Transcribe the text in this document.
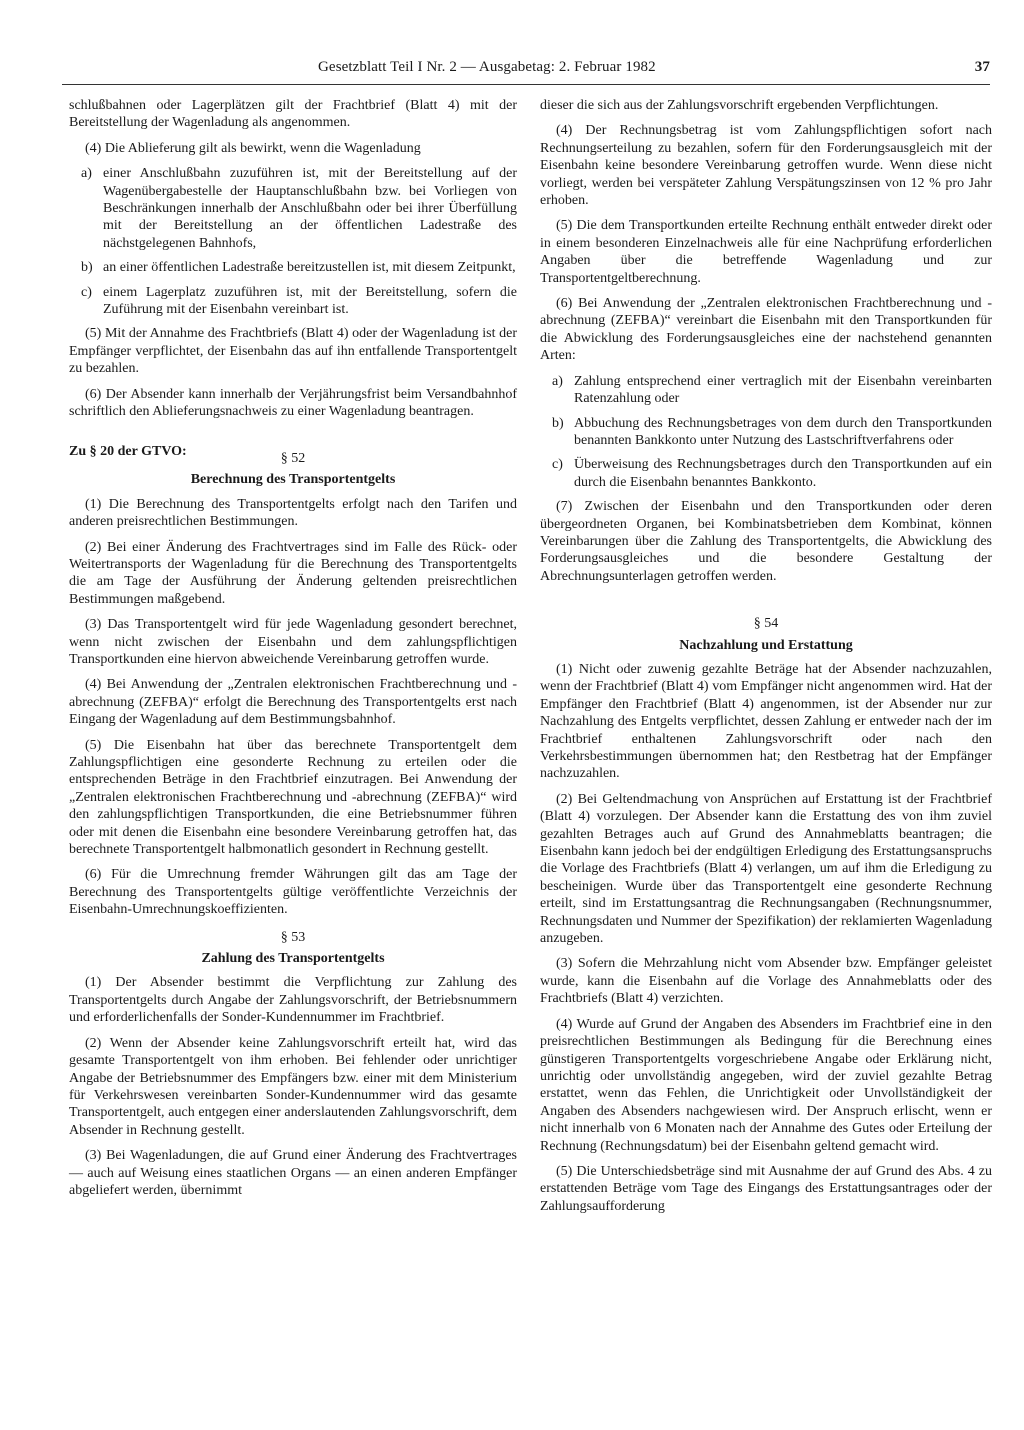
Gesetzblatt Teil I Nr. 2 — Ausgabetag: 2. Februar 1982	37

schlußbahnen oder Lagerplätzen gilt der Frachtbrief (Blatt 4) mit der Bereitstellung der Wagenladung als angenommen.

(4) Die Ablieferung gilt als bewirkt, wenn die Wagenladung

a) einer Anschlußbahn zuzuführen ist, mit der Bereitstellung auf der Wagenübergabestelle der Hauptanschlußbahn bzw. bei Vorliegen von Beschränkungen innerhalb der Anschlußbahn oder bei ihrer Überfüllung mit der Bereitstellung an der öffentlichen Ladestraße des nächstgelegenen Bahnhofs,
b) an einer öffentlichen Ladestraße bereitzustellen ist, mit diesem Zeitpunkt,
c) einem Lagerplatz zuzuführen ist, mit der Bereitstellung, sofern die Zuführung mit der Eisenbahn vereinbart ist.

(5) Mit der Annahme des Frachtbriefs (Blatt 4) oder der Wagenladung ist der Empfänger verpflichtet, der Eisenbahn das auf ihn entfallende Transportentgelt zu bezahlen.

(6) Der Absender kann innerhalb der Verjährungsfrist beim Versandbahnhof schriftlich den Ablieferungsnachweis zu einer Wagenladung beantragen.

Zu § 20 der GTVO:	§ 52
Berechnung des Transportentgelts

(1) Die Berechnung des Transportentgelts erfolgt nach den Tarifen und anderen preisrechtlichen Bestimmungen.

(2) Bei einer Änderung des Frachtvertrages sind im Falle des Rück- oder Weitertransports der Wagenladung für die Berechnung des Transportentgelts die am Tage der Ausführung der Änderung geltenden preisrechtlichen Bestimmungen maßgebend.

(3) Das Transportentgelt wird für jede Wagenladung gesondert berechnet, wenn nicht zwischen der Eisenbahn und dem zahlungspflichtigen Transportkunden eine hiervon abweichende Vereinbarung getroffen wurde.

(4) Bei Anwendung der „Zentralen elektronischen Frachtberechnung und -abrechnung (ZEFBA)“ erfolgt die Berechnung des Transportentgelts erst nach Eingang der Wagenladung auf dem Bestimmungsbahnhof.

(5) Die Eisenbahn hat über das berechnete Transportentgelt dem Zahlungspflichtigen eine gesonderte Rechnung zu erteilen oder die entsprechenden Beträge in den Frachtbrief einzutragen. Bei Anwendung der „Zentralen elektronischen Frachtberechnung und -abrechnung (ZEFBA)“ wird den zahlungspflichtigen Transportkunden, die eine Betriebsnummer führen oder mit denen die Eisenbahn eine besondere Vereinbarung getroffen hat, das berechnete Transportentgelt halbmonatlich gesondert in Rechnung gestellt.

(6) Für die Umrechnung fremder Währungen gilt das am Tage der Berechnung des Transportentgelts gültige veröffentlichte Verzeichnis der Eisenbahn-Umrechnungskoeffizienten.

§ 53
Zahlung des Transportentgelts

(1) Der Absender bestimmt die Verpflichtung zur Zahlung des Transportentgelts durch Angabe der Zahlungsvorschrift, der Betriebsnummern und erforderlichenfalls der Sonder-Kundennummer im Frachtbrief.

(2) Wenn der Absender keine Zahlungsvorschrift erteilt hat, wird das gesamte Transportentgelt von ihm erhoben. Bei fehlender oder unrichtiger Angabe der Betriebsnummer des Empfängers bzw. einer mit dem Ministerium für Verkehrswesen vereinbarten Sonder-Kundennummer wird das gesamte Transportentgelt, auch entgegen einer anderslautenden Zahlungsvorschrift, dem Absender in Rechnung gestellt.

(3) Bei Wagenladungen, die auf Grund einer Änderung des Frachtvertrages — auch auf Weisung eines staatlichen Organs — an einen anderen Empfänger abgeliefert werden, übernimmt

dieser die sich aus der Zahlungsvorschrift ergebenden Verpflichtungen.

(4) Der Rechnungsbetrag ist vom Zahlungspflichtigen sofort nach Rechnungserteilung zu bezahlen, sofern für den Forderungsausgleich mit der Eisenbahn keine besondere Vereinbarung getroffen wurde. Wenn diese nicht vorliegt, werden bei verspäteter Zahlung Verspätungszinsen von 12 % pro Jahr erhoben.

(5) Die dem Transportkunden erteilte Rechnung enthält entweder direkt oder in einem besonderen Einzelnachweis alle für eine Nachprüfung erforderlichen Angaben über die betreffende Wagenladung und zur Transportentgeltberechnung.

(6) Bei Anwendung der „Zentralen elektronischen Frachtberechnung und -abrechnung (ZEFBA)“ vereinbart die Eisenbahn mit den Transportkunden für die Abwicklung des Forderungsausgleiches eine der nachstehend genannten Arten:

a) Zahlung entsprechend einer vertraglich mit der Eisenbahn vereinbarten Ratenzahlung oder
b) Abbuchung des Rechnungsbetrages von dem durch den Transportkunden benannten Bankkonto unter Nutzung des Lastschriftverfahrens oder
c) Überweisung des Rechnungsbetrages durch den Transportkunden auf ein durch die Eisenbahn benanntes Bankkonto.

(7) Zwischen der Eisenbahn und den Transportkunden oder deren übergeordneten Organen, bei Kombinatsbetrieben dem Kombinat, können Vereinbarungen über die Zahlung des Transportentgelts, die Abwicklung des Forderungsausgleiches und die besondere Gestaltung der Abrechnungsunterlagen getroffen werden.

§ 54
Nachzahlung und Erstattung

(1) Nicht oder zuwenig gezahlte Beträge hat der Absender nachzuzahlen, wenn der Frachtbrief (Blatt 4) vom Empfänger nicht angenommen wird. Hat der Empfänger den Frachtbrief (Blatt 4) angenommen, ist der Absender nur zur Nachzahlung des Entgelts verpflichtet, dessen Zahlung er entweder nach der im Frachtbrief enthaltenen Zahlungsvorschrift oder nach den Verkehrsbestimmungen übernommen hat; den Restbetrag hat der Empfänger nachzuzahlen.

(2) Bei Geltendmachung von Ansprüchen auf Erstattung ist der Frachtbrief (Blatt 4) vorzulegen. Der Absender kann die Erstattung des von ihm zuviel gezahlten Betrages auch auf Grund des Annahmeblatts beantragen; die Eisenbahn kann jedoch bei der endgültigen Erledigung des Erstattungsanspruchs die Vorlage des Frachtbriefs (Blatt 4) verlangen, um auf ihm die Erledigung zu bescheinigen. Wurde über das Transportentgelt eine gesonderte Rechnung erteilt, sind im Erstattungsantrag die Rechnungsangaben (Rechnungsnummer, Rechnungsdaten und Nummer der Spezifikation) der reklamierten Wagenladung anzugeben.

(3) Sofern die Mehrzahlung nicht vom Absender bzw. Empfänger geleistet wurde, kann die Eisenbahn auf die Vorlage des Annahmeblatts oder des Frachtbriefs (Blatt 4) verzichten.

(4) Wurde auf Grund der Angaben des Absenders im Frachtbrief eine in den preisrechtlichen Bestimmungen als Bedingung für die Berechnung eines günstigeren Transportentgelts vorgeschriebene Angabe oder Erklärung nicht, unrichtig oder unvollständig angegeben, wird der zuviel gezahlte Betrag erstattet, wenn das Fehlen, die Unrichtigkeit oder Unvollständigkeit der Angaben des Absenders nachgewiesen wird. Der Anspruch erlischt, wenn er nicht innerhalb von 6 Monaten nach der Annahme des Gutes oder Erteilung der Rechnung (Rechnungsdatum) bei der Eisenbahn geltend gemacht wird.

(5) Die Unterschiedsbeträge sind mit Ausnahme der auf Grund des Abs. 4 zu erstattenden Beträge vom Tage des Eingangs des Erstattungsantrages oder der Zahlungsaufforderung
